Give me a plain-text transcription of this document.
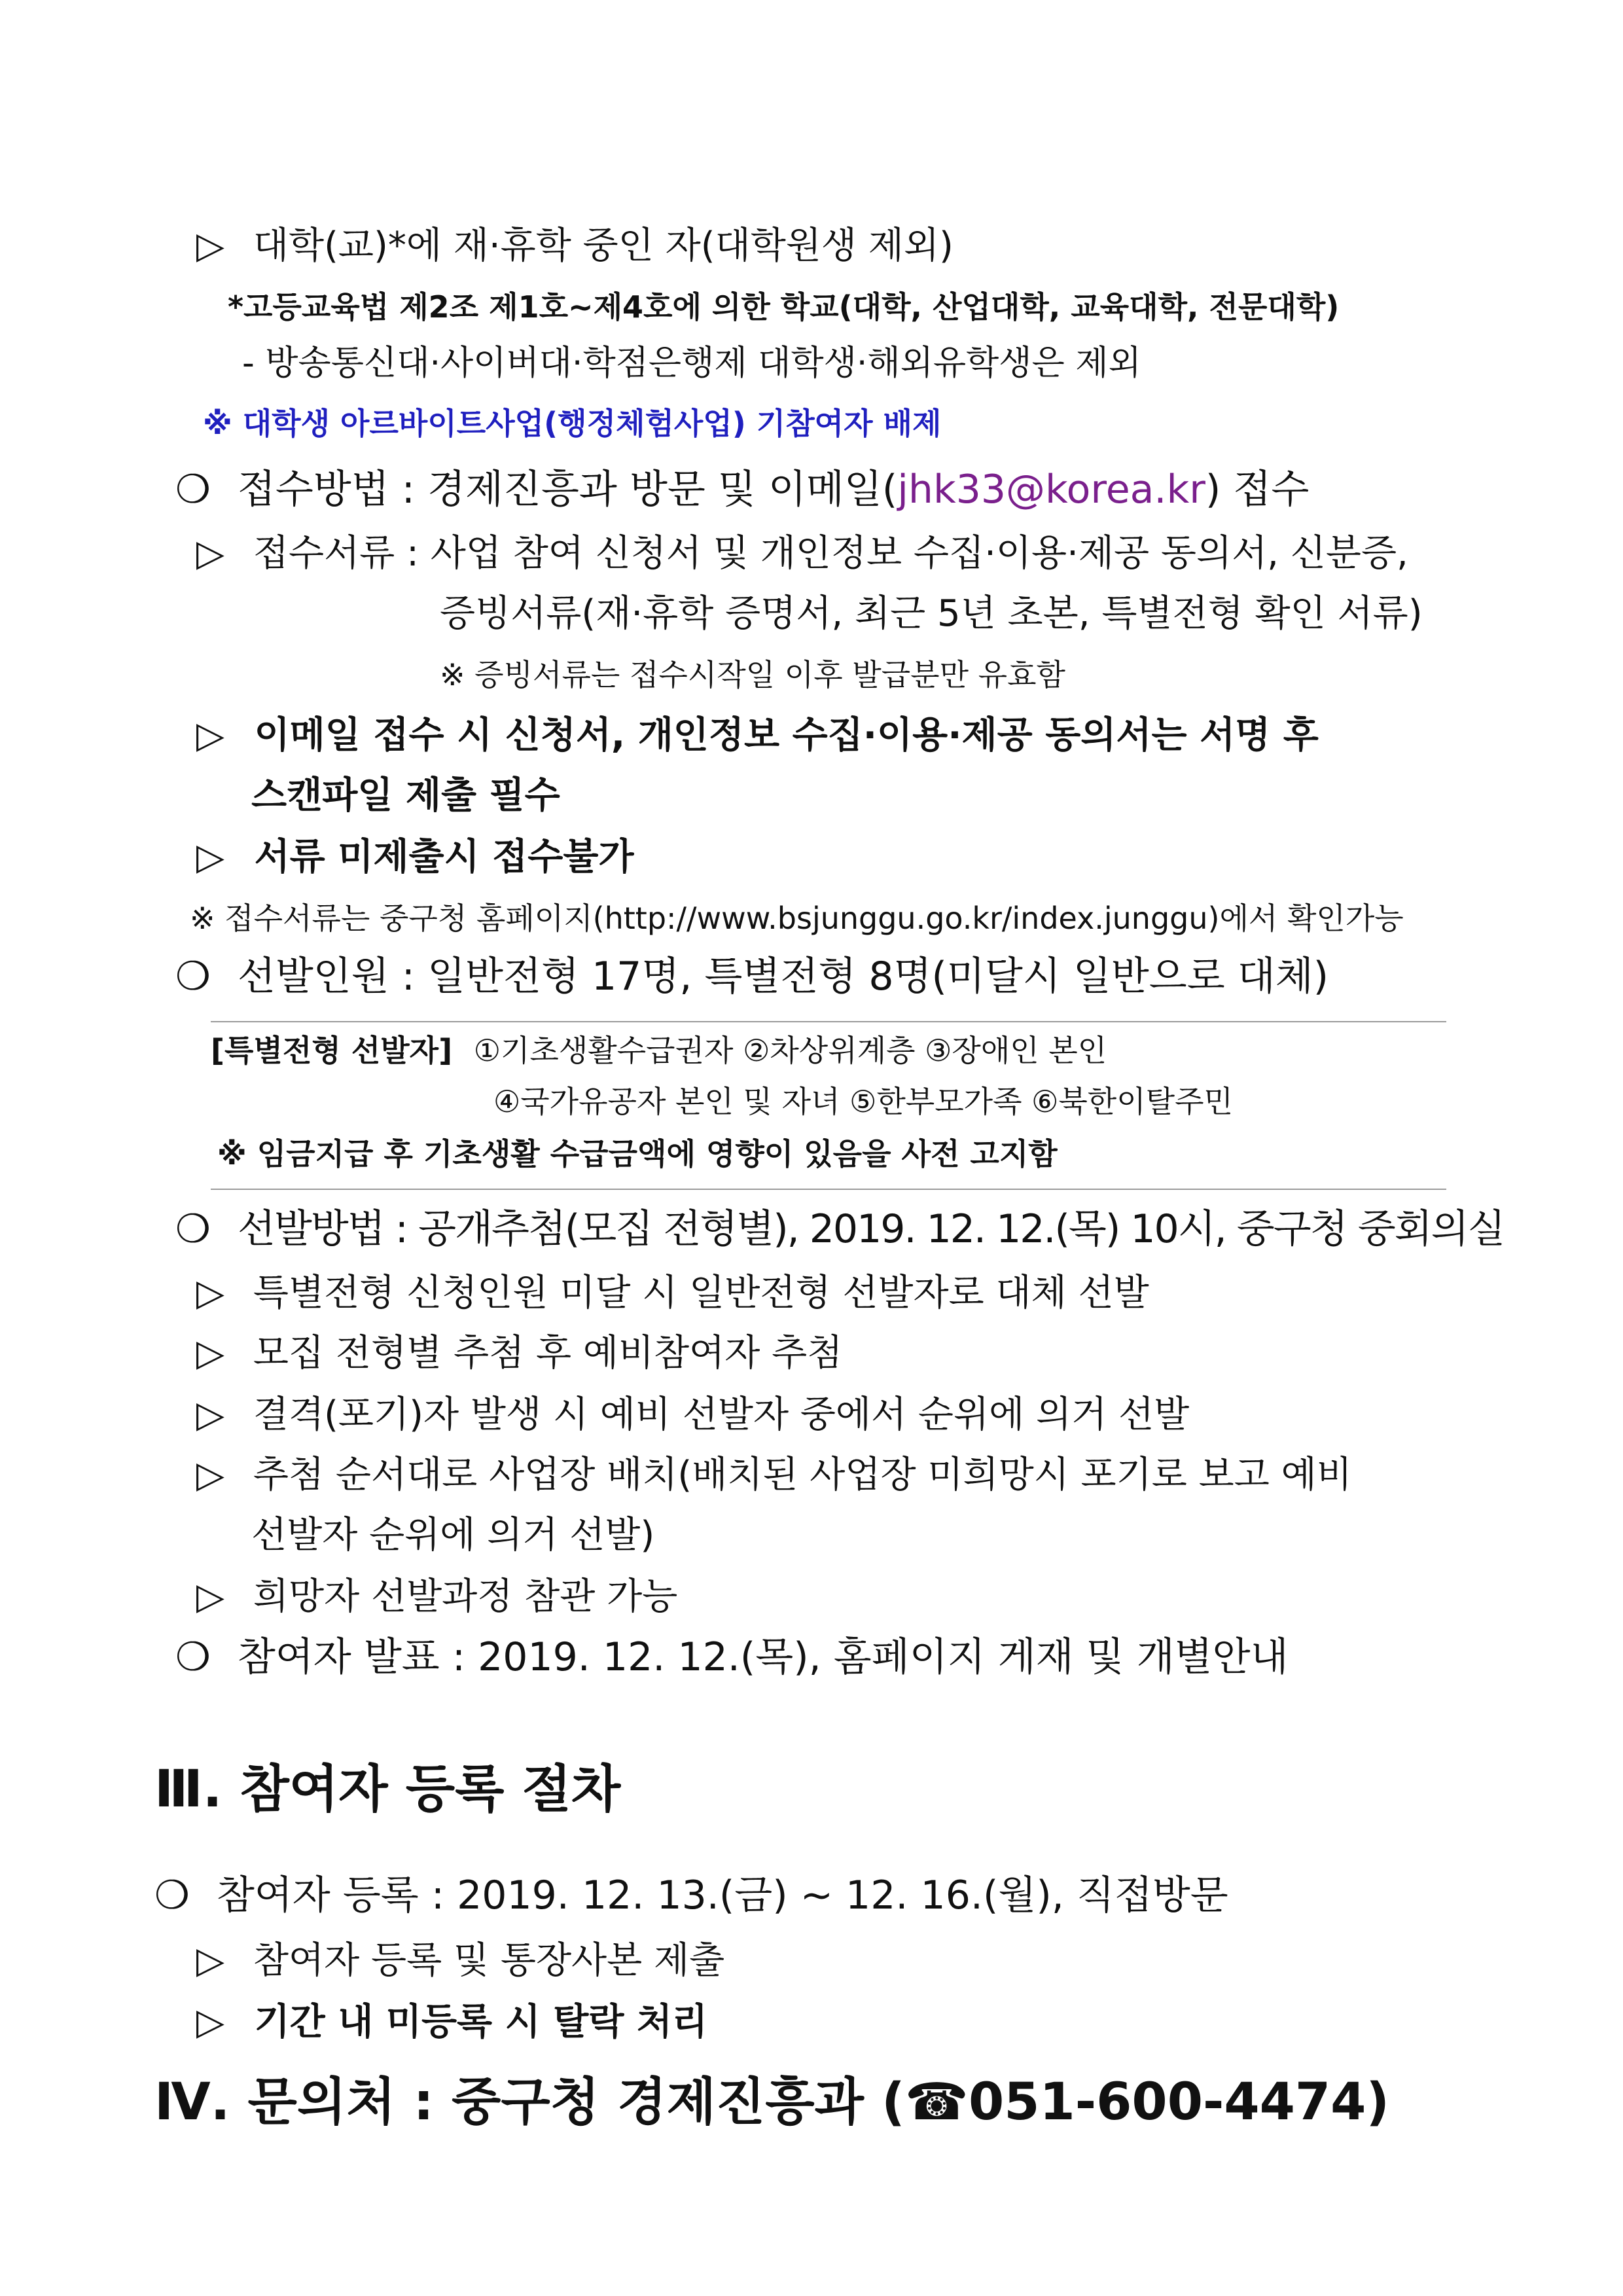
▷ 대학(교)*에 재·휴학 중인 자(대학원생 제외)
*고등교육법 제2조 제1호~제4호에 의한 학교(대학, 산업대학, 교육대학, 전문대학)
- 방송통신대·사이버대·학점은행제 대학생·해외유학생은 제외
※ 대학생 아르바이트사업(행정체험사업) 기참여자 배제
❍ 접수방법 : 경제진흥과 방문 및 이메일(jhk33@korea.kr) 접수
▷ 접수서류 : 사업 참여 신청서 및 개인정보 수집·이용·제공 동의서, 신분증,
증빙서류(재·휴학 증명서, 최근 5년 초본, 특별전형 확인 서류)
※ 증빙서류는 접수시작일 이후 발급분만 유효함
▷ 이메일 접수 시 신청서, 개인정보 수집·이용·제공 동의서는 서명 후
스캔파일 제출 필수
▷ 서류 미제출시 접수불가
※ 접수서류는 중구청 홈페이지(http://www.bsjunggu.go.kr/index.junggu)에서 확인가능
❍ 선발인원 : 일반전형 17명, 특별전형 8명(미달시 일반으로 대체)
[특별전형 선발자] ①기초생활수급권자 ②차상위계층 ③장애인 본인
④국가유공자 본인 및 자녀 ⑤한부모가족 ⑥북한이탈주민
※ 임금지급 후 기초생활 수급금액에 영향이 있음을 사전 고지함
❍ 선발방법 : 공개추첨(모집 전형별), 2019. 12. 12.(목) 10시, 중구청 중회의실
▷ 특별전형 신청인원 미달 시 일반전형 선발자로 대체 선발
▷ 모집 전형별 추첨 후 예비참여자 추첨
▷ 결격(포기)자 발생 시 예비 선발자 중에서 순위에 의거 선발
▷ 추첨 순서대로 사업장 배치(배치된 사업장 미희망시 포기로 보고 예비
선발자 순위에 의거 선발)
▷ 희망자 선발과정 참관 가능
❍ 참여자 발표 : 2019. 12. 12.(목), 홈페이지 게재 및 개별안내
Ⅲ. 참여자 등록 절차
❍ 참여자 등록 : 2019. 12. 13.(금) ~ 12. 16.(월), 직접방문
▷ 참여자 등록 및 통장사본 제출
▷ 기간 내 미등록 시 탈락 처리
Ⅳ. 문의처 : 중구청 경제진흥과 (☎051-600-4474)
